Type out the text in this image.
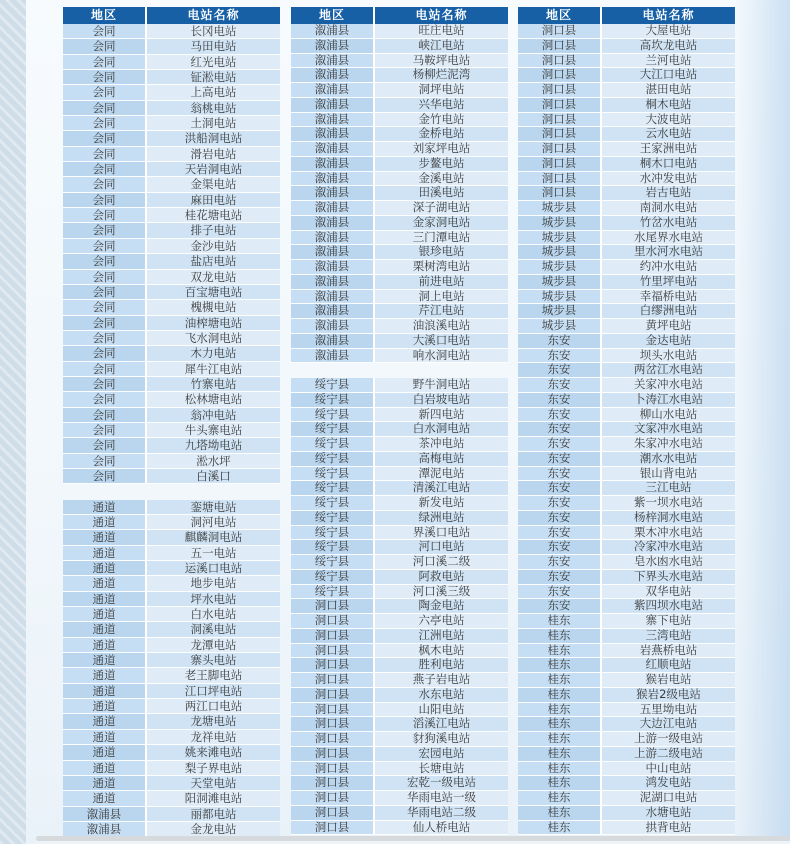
地区	电站名称
会同	长冈电站
会同	马田电站
会同	红光电站
会同	钲淞电站
会同	上高电站
会同	翁桃电站
会同	土洞电站
会同	洪船洞电站
会同	滑岩电站
会同	天岩洞电站
会同	金渠电站
会同	麻田电站
会同	桂花塘电站
会同	排子电站
会同	金沙电站
会同	盐店电站
会同	双龙电站
会同	百宝塘电站
会同	槐槻电站
会同	油榨塘电站
会同	飞水洞电站
会同	木力电站
会同	犀牛江电站
会同	竹寨电站
会同	松林塘电站
会同	翁冲电站
会同	牛头寨电站
会同	九塔坳电站
会同	淞水坪
会同	白溪口
通道	銮塘电站
通道	洞河电站
通道	麒麟洞电站
通道	五一电站
通道	运溪口电站
通道	地步电站
通道	坪水电站
通道	白水电站
通道	洞溪电站
通道	龙潭电站
通道	寨头电站
通道	老王脚电站
通道	江口坪电站
通道	两江口电站
通道	龙塘电站
通道	龙祥电站
通道	姚来滩电站
通道	梨子界电站
通道	天堂电站
通道	阳洞滩电站
溆浦县	丽都电站
溆浦县	金龙电站
地区	电站名称
溆浦县	旺庄电站
溆浦县	峡江电站
溆浦县	马鞍坪电站
溆浦县	杨柳烂泥湾
溆浦县	洞坪电站
溆浦县	兴华电站
溆浦县	金竹电站
溆浦县	金桥电站
溆浦县	刘家坪电站
溆浦县	步鳌电站
溆浦县	金溪电站
溆浦县	田溪电站
溆浦县	深子湖电站
溆浦县	金家洞电站
溆浦县	三门潭电站
溆浦县	银珍电站
溆浦县	栗树湾电站
溆浦县	前进电站
溆浦县	洞上电站
溆浦县	芹江电站
溆浦县	油浪溪电站
溆浦县	大溪口电站
溆浦县	响水洞电站
绥宁县	野牛洞电站
绥宁县	白岩坡电站
绥宁县	新四电站
绥宁县	白水洞电站
绥宁县	茶冲电站
绥宁县	高梅电站
绥宁县	潭泥电站
绥宁县	清溪江电站
绥宁县	新发电站
绥宁县	绿洲电站
绥宁县	界溪口电站
绥宁县	河口电站
绥宁县	河口溪二级
绥宁县	阿救电站
绥宁县	河口溪三级
洞口县	陶金电站
洞口县	六亭电站
洞口县	江洲电站
洞口县	枫木电站
洞口县	胜利电站
洞口县	燕子岩电站
洞口县	水东电站
洞口县	山阳电站
洞口县	滔溪江电站
洞口县	豺狗溪电站
洞口县	宏园电站
洞口县	长塘电站
洞口县	宏乾一级电站
洞口县	华雨电站一级
洞口县	华雨电站二级
洞口县	仙人桥电站
地区	电站名称
洞口县	大屋电站
洞口县	高坎龙电站
洞口县	兰河电站
洞口县	大江口电站
洞口县	湛田电站
洞口县	桐木电站
洞口县	大波电站
洞口县	云水电站
洞口县	王家洲电站
洞口县	桐木口电站
洞口县	水冲发电站
洞口县	岩古电站
城步县	南洞水电站
城步县	竹岔水电站
城步县	水尾界水电站
城步县	里水河水电站
城步县	约冲水电站
城步县	竹里坪电站
城步县	幸福桥电站
城步县	白缪洲电站
城步县	黄坪电站
东安	金达电站
东安	坝头水电站
东安	两岔江水电站
东安	关家冲水电站
东安	卜涛江水电站
东安	柳山水电站
东安	文家冲水电站
东安	朱家冲水电站
东安	潮水水电站
东安	银山背电站
东安	三江电站
东安	紫一坝水电站
东安	杨梓洞水电站
东安	栗木冲水电站
东安	冷家冲水电站
东安	皂水凼水电站
东安	下界头水电站
东安	双华电站
东安	紫四坝水电站
桂东	寨下电站
桂东	三湾电站
桂东	岩燕桥电站
桂东	红顺电站
桂东	猴岩电站
桂东	猴岩2级电站
桂东	五里坳电站
桂东	大边江电站
桂东	上游一级电站
桂东	上游二级电站
桂东	中山电站
桂东	鸿发电站
桂东	泥湖口电站
桂东	水塘电站
桂东	拱背电站
